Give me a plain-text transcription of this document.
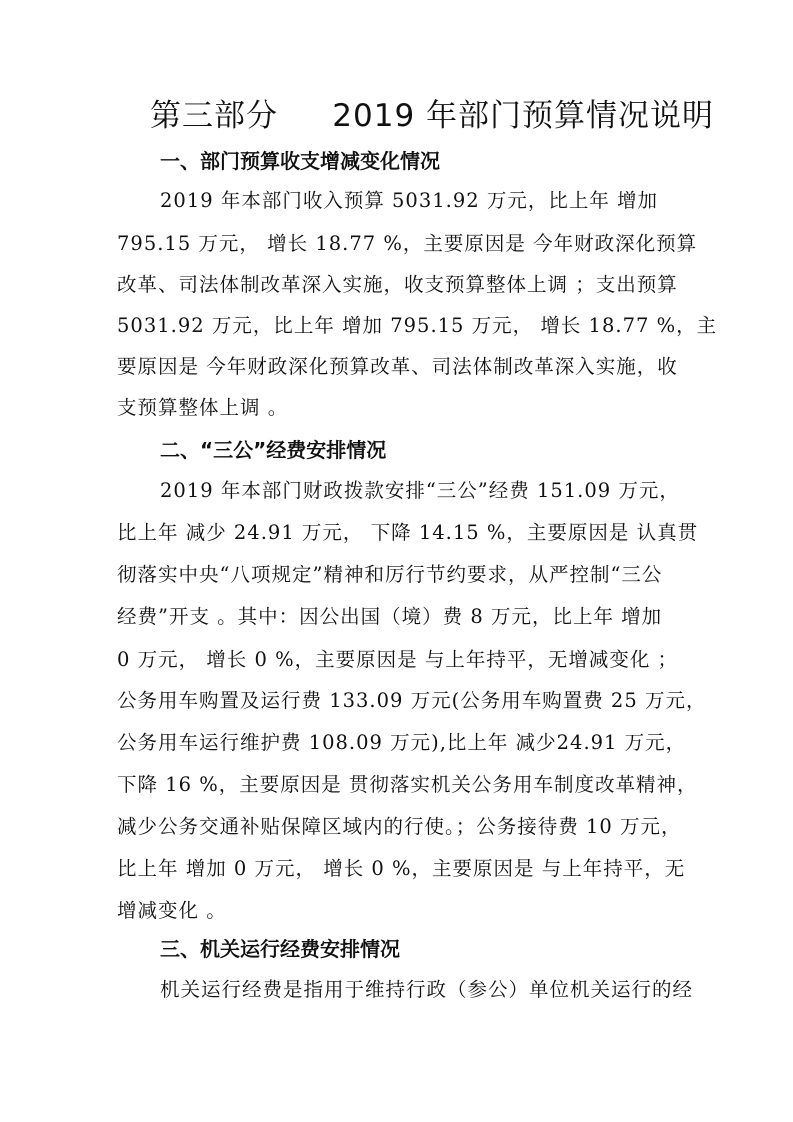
第三部分     2019 年部门预算情况说明
一、部门预算收支增减变化情况

2019 年本部门收入预算 5031.92 万元，比上年 增加

795.15 万元， 增长 18.77 %，主要原因是 今年财政深化预算

改革、司法体制改革深入实施，收支预算整体上调 ；支出预算

5031.92 万元，比上年 增加 795.15 万元， 增长 18.77 %，主

要原因是 今年财政深化预算改革、司法体制改革深入实施，收

支预算整体上调 。

二、“三公”经费安排情况

2019 年本部门财政拨款安排“三公”经费 151.09 万元，

比上年 减少 24.91 万元， 下降 14.15 %，主要原因是 认真贯

彻落实中央“八项规定”精神和厉行节约要求，从严控制“三公

经费”开支 。其中：因公出国（境）费 8 万元，比上年 增加

0 万元， 增长 0 %，主要原因是 与上年持平，无增减变化 ；

公务用车购置及运行费 133.09 万元(公务用车购置费 25 万元，

公务用车运行维护费 108.09 万元),比上年 减少24.91 万元，

下降 16 %，主要原因是 贯彻落实机关公务用车制度改革精神，

减少公务交通补贴保障区域内的行使。；公务接待费 10 万元，

比上年 增加 0 万元， 增长 0 %，主要原因是 与上年持平，无

增减变化 。

三、机关运行经费安排情况

机关运行经费是指用于维持行政（参公）单位机关运行的经
